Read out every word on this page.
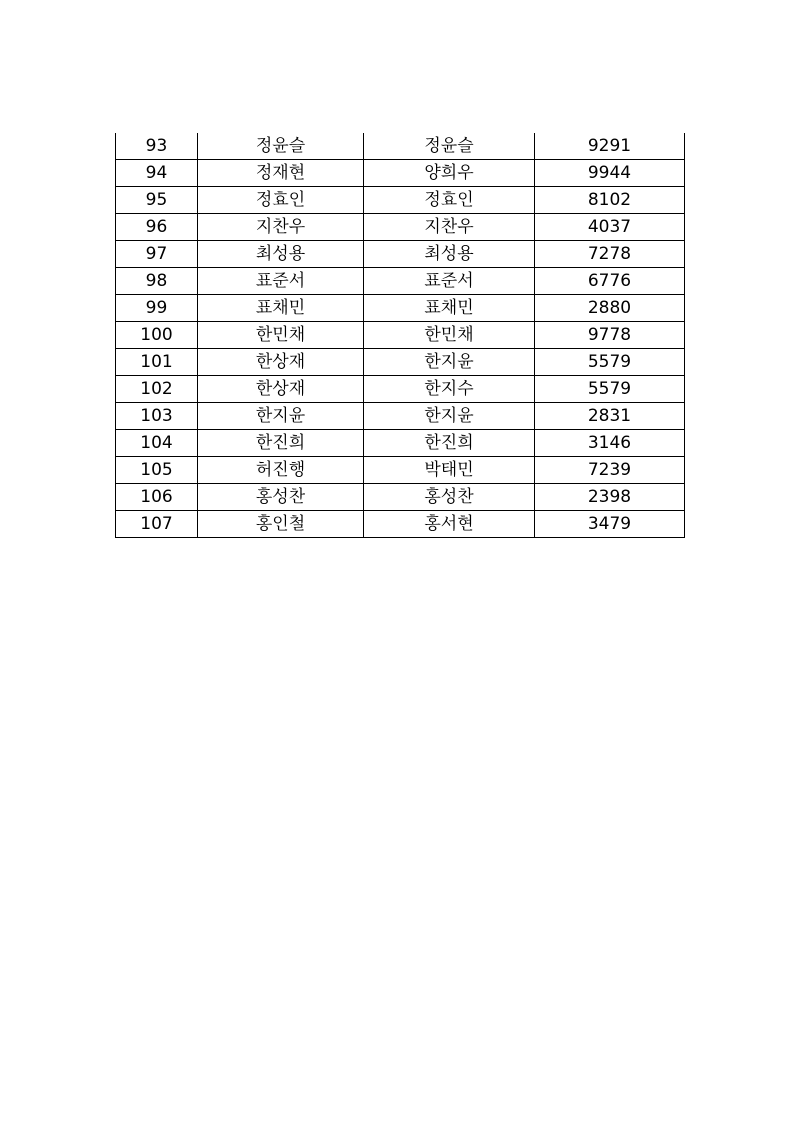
93	정윤슬	정윤슬	9291
94	정재현	양희우	9944
95	정효인	정효인	8102
96	지찬우	지찬우	4037
97	최성용	최성용	7278
98	표준서	표준서	6776
99	표채민	표채민	2880
100	한민채	한민채	9778
101	한상재	한지윤	5579
102	한상재	한지수	5579
103	한지윤	한지윤	2831
104	한진희	한진희	3146
105	허진행	박태민	7239
106	홍성찬	홍성찬	2398
107	홍인철	홍서현	3479
